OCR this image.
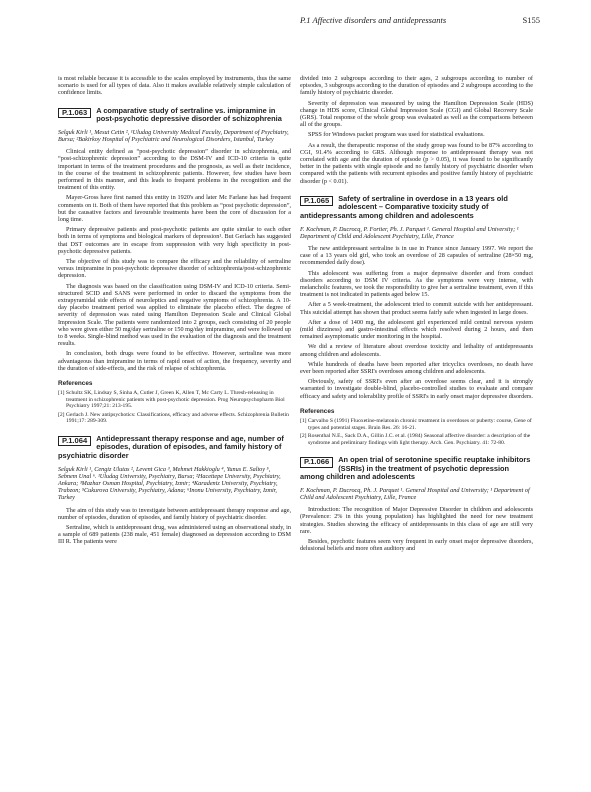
P.1 Affective disorders and antidepressants	S155

is most reliable because it is accessible to the scales employed by instruments, thus the same scenario is used for all types of data. Also it makes available relatively simple calculation of confidence limits.

P.1.063	A comparative study of sertraline vs. imipramine in post-psychotic depressive disorder of schizophrenia

Selguk Kirli ¹, Mesut Cetin ², ¹Uludag University Medical Faculty, Department of Psychiatry, Bursa; ²Bakirkoy Hospital of Psychiatric and Neurological Disorders, Istanbul, Turkey

Clinical entity defined as “post-psychotic depression” disorder in schizophrenia, and “post-schizophrenic depression” according to the DSM-IV and ICD-10 criteria is quite important in terms of the treatment procedures and the prognosis, as well as their incidence, in the course of the treatment in schizophrenic patients. However, few studies have been performed in this manner, and this leads to frequent problems in the recognition and the treatment of this entity.

Mayer-Gross have first named this entity in 1920's and later Mc Farlane has had frequent comments on it. Both of them have reported that this problem as “post psychotic depression”, but the causative factors and favourable treatments have been the core of discussion for a long time.

Primary depressive patients and post-psychotic patients are quite similar to each other both in terms of symptoms and biological markers of depression¹. But Gerlach has suggested that DST outcomes are in escape from suppression with very high specificity in post-psychotic depressive patients.

The objective of this study was to compare the efficacy and the reliability of sertraline versus imipramine in post-psychotic depressive disorder of schizophrenia/post-schizophrenic depression.

The diagnosis was based on the classification using DSM-IV and ICD-10 criteria. Semi-structured SCID and SANS were performed in order to discard the symptoms from the extrapyramidal side effects of neuroleptics and negative symptoms of schizophrenia. A 10-day placebo treatment period was applied to eliminate the placebo effect. The degree of severity of depression was rated using Hamilton Depression Scale and Clinical Global Impression Scale. The patients were randomized into 2 groups, each consisting of 20 people who were given either 50 mg/day sertraline or 150 mg/day imipramine, and were followed up to 8 weeks. Single-blind method was used in the evaluation of the diagnosis and the treatment results.

In conclusion, both drugs were found to be effective. However, sertraline was more advantageous than imipramine in terms of rapid onset of action, the frequency, severity and the duration of side-effects, and the risk of relapse of schizophrenia.

References

[1] Schultz SK, Lindsay S, Sinha A, Cutler J, Green K, Allen T, Mc Carty L. Thresh-releasing in treatment in schizophrenic patients with post-psychotic depression. Prog Neuropsychopharm Biol Psychiatry 1997;21: 213-195.

[2] Gerlach J. New antipsychotics: Classifications, efficacy and adverse effects. Schizophrenia Bulletin 1991;17: 289-309.

P.1.064	Antidepressant therapy response and age, number of episodes, duration of episodes, and family history of psychiatric disorder

Selguk Kirli ¹, Cengiz Ulutas ², Levent Gica ³, Mehmet Hakkioglu ⁴, Yunus E. Saltoy ⁵, Sebnem Unal ⁶. ¹Uludag University, Psychiatry, Bursa; ²Hacettepe University, Psychiatry, Ankara; ³Mazhar Osman Hospital, Psychiatry, Izmir; ⁴Karadeniz University, Psychiatry, Trabzon; ⁵Cukurova University, Psychiatry, Adana; ⁶Inonu University, Psychiatry, Izmir, Turkey

The aim of this study was to investigate between antidepressant therapy response and age, number of episodes, duration of episodes, and family history of psychiatric disorder.

Sertraline, which is antidepressant drug, was administered using an observational study, in a sample of 689 patients (238 male, 451 female) diagnosed as depression according to DSM III R. The patients were

divided into 2 subgroups according to their ages, 2 subgroups according to number of episodes, 3 subgroups according to the duration of episodes and 2 subgroups according to the family history of psychiatric disorder.

Severity of depression was measured by using the Hamilton Depression Scale (HDS) change in HDS score, Clinical Global Impression Scale (CGI) and Global Recovery Scale (GRS). Total response of the whole group was evaluated as well as the comparisons between all of the groups.

SPSS for Windows packet program was used for statistical evaluations.

As a result, the therapeutic response of the study group was found to be 87% according to CGI, 91.4% according to GRS. Although response to antidepressant therapy was not correlated with age and the duration of episode (p > 0.05), it was found to be significantly better in the patients with single episode and no family history of psychiatric disorder when compared with the patients with recurrent episodes and positive family history of psychiatric disorder (p < 0.01).

P.1.065	Safety of sertraline in overdose in a 13 years old adolescent – Comparative toxicity study of antidepressants among children and adolescents

F. Kochman, P. Ducrocq, P. Fortier, Ph. J. Parquet ¹. General Hospital and University; ¹ Department of Child and Adolescent Psychiatry, Lille, France

The new antidepressant sertraline is in use in France since January 1997. We report the case of a 13 years old girl, who took an overdose of 28 capsules of sertraline (28×50 mg, recommended daily dose).

This adolescent was suffering from a major depressive disorder and from conduct disorders according to DSM IV criteria. As the symptoms were very intense, with melancholic features, we took the responsibility to give her a sertraline treatment, even if this treatment is not indicated in patients aged below 15.

After a 5 week-treatment, the adolescent tried to commit suicide with her antidepressant. This suicidal attempt has shown that product seems fairly safe when ingested in large doses.

After a dose of 1400 mg, the adolescent girl experienced mild central nervous system (mild dizziness) and gastro-intestinal effects which resolved during 2 hours, and then remained asymptomatic under monitoring in the hospital.

We did a review of literature about overdose toxicity and lethality of antidepressants among children and adolescents.

While hundreds of deaths have been reported after tricyclics overdoses, no death have ever been reported after SSRI's overdoses among children and adolescents.

Obviously, safety of SSRI's even after an overdose seems clear, and it is strongly warranted to investigate double-blind, placebo-controlled studies to evaluate and compare efficacy and safety and tolerability profile of SSRI's in early onset major depressive disorders.

References

[1] Carvalho S (1991) Fluoxetine-melatonin chronic treatment in overdoses or puberty: course, Gene of types and potential stages. Brain Res. 26: 16-21.

[2] Rosenthal N.E., Sack D.A., Gillin J.C. et al. (1984) Seasonal affective disorder: a description of the syndrome and preliminary findings with light therapy. Arch. Gen. Psychiatry. 41: 72-80.

P.1.066	An open trial of serotonine specific reuptake inhibitors (SSRIs) in the treatment of psychotic depression among children and adolescents

F. Kochman, P. Ducrocq, Ph. J. Parquet ¹. General Hospital and University; ¹ Department of Child and Adolescent Psychiatry, Lille, France

Introduction: The recognition of Major Depressive Disorder in children and adolescents (Prevalence: 2% in this young population) has highlighted the need for new treatment strategies. Studies showing the efficacy of antidepressants in this class of age are still very rare.

Besides, psychotic features seem very frequent in early onset major depressive disorders, delusional beliefs and more often auditory and
